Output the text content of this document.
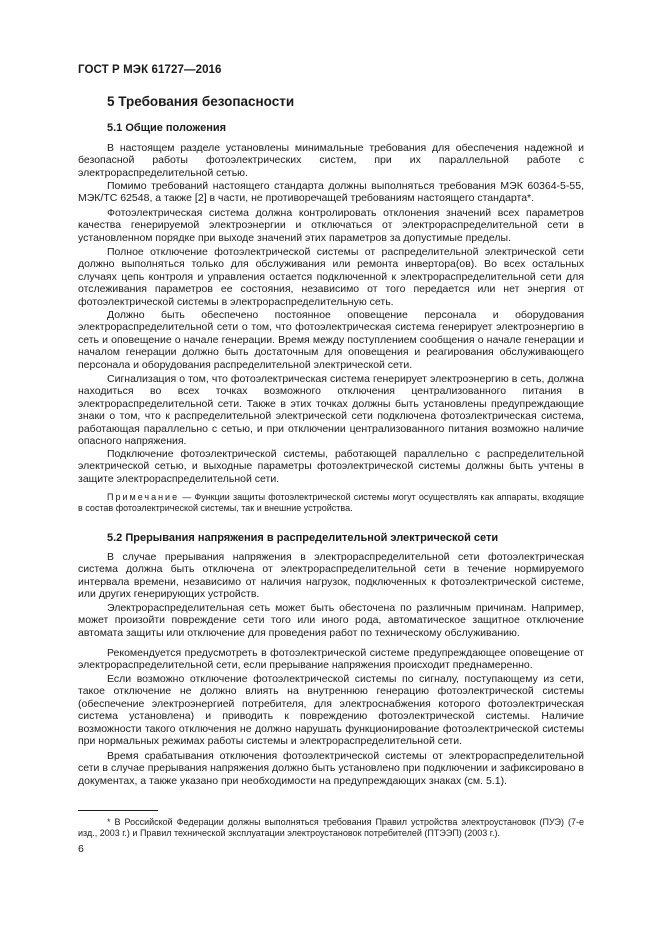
ГОСТ Р МЭК 61727—2016
5 Требования безопасности
5.1 Общие положения

В настоящем разделе установлены минимальные требования для обеспечения надежной и безопасной работы фотоэлектрических систем, при их параллельной работе с электрораспределительной сетью.

Помимо требований настоящего стандарта должны выполняться требования МЭК 60364-5-55, МЭК/ТС 62548, а также [2] в части, не противоречащей требованиям настоящего стандарта*.

Фотоэлектрическая система должна контролировать отклонения значений всех параметров качества генерируемой электроэнергии и отключаться от электрораспределительной сети в установленном порядке при выходе значений этих параметров за допустимые пределы.

Полное отключение фотоэлектрической системы от распределительной электрической сети должно выполняться только для обслуживания или ремонта инвертора(ов). Во всех остальных случаях цепь контроля и управления остается подключенной к электрораспределительной сети для отслеживания параметров ее состояния, независимо от того передается или нет энергия от фотоэлектрической системы в электрораспределительную сеть.

Должно быть обеспечено постоянное оповещение персонала и оборудования электрораспределительной сети о том, что фотоэлектрическая система генерирует электроэнергию в сеть и оповещение о начале генерации. Время между поступлением сообщения о начале генерации и началом генерации должно быть достаточным для оповещения и реагирования обслуживающего персонала и оборудования распределительной электрической сети.

Сигнализация о том, что фотоэлектрическая система генерирует электроэнергию в сеть, должна находиться во всех точках возможного отключения централизованного питания в электрораспределительной сети. Также в этих точках должны быть установлены предупреждающие знаки о том, что к распределительной электрической сети подключена фотоэлектрическая система, работающая параллельно с сетью, и при отключении централизованного питания возможно наличие опасного напряжения.

Подключение фотоэлектрической системы, работающей параллельно с распределительной электрической сетью, и выходные параметры фотоэлектрической системы должны быть учтены в защите электрораспределительной сети.

Примечание — Функции защиты фотоэлектрической системы могут осуществлять как аппараты, входящие в состав фотоэлектрической системы, так и внешние устройства.

5.2 Прерывания напряжения в распределительной электрической сети

В случае прерывания напряжения в электрораспределительной сети фотоэлектрическая система должна быть отключена от электрораспределительной сети в течение нормируемого интервала времени, независимо от наличия нагрузок, подключенных к фотоэлектрической системе, или других генерирующих устройств.

Электрораспределительная сеть может быть обесточена по различным причинам. Например, может произойти повреждение сети того или иного рода, автоматическое защитное отключение автомата защиты или отключение для проведения работ по техническому обслуживанию.

Рекомендуется предусмотреть в фотоэлектрической системе предупреждающее оповещение от электрораспределительной сети, если прерывание напряжения происходит преднамеренно.

Если возможно отключение фотоэлектрической системы по сигналу, поступающему из сети, такое отключение не должно влиять на внутреннюю генерацию фотоэлектрической системы (обеспечение электроэнергией потребителя, для электроснабжения которого фотоэлектрическая система установлена) и приводить к повреждению фотоэлектрической системы. Наличие возможности такого отключения не должно нарушать функционирование фотоэлектрической системы при нормальных режимах работы системы и электрораспределительной сети.

Время срабатывания отключения фотоэлектрической системы от электрораспределительной сети в случае прерывания напряжения должно быть установлено при подключении и зафиксировано в документах, а также указано при необходимости на предупреждающих знаках (см. 5.1).

* В Российской Федерации должны выполняться требования Правил устройства электроустановок (ПУЭ) (7-е изд., 2003 г.) и Правил технической эксплуатации электроустановок потребителей (ПТЭЭП) (2003 г.).

6
